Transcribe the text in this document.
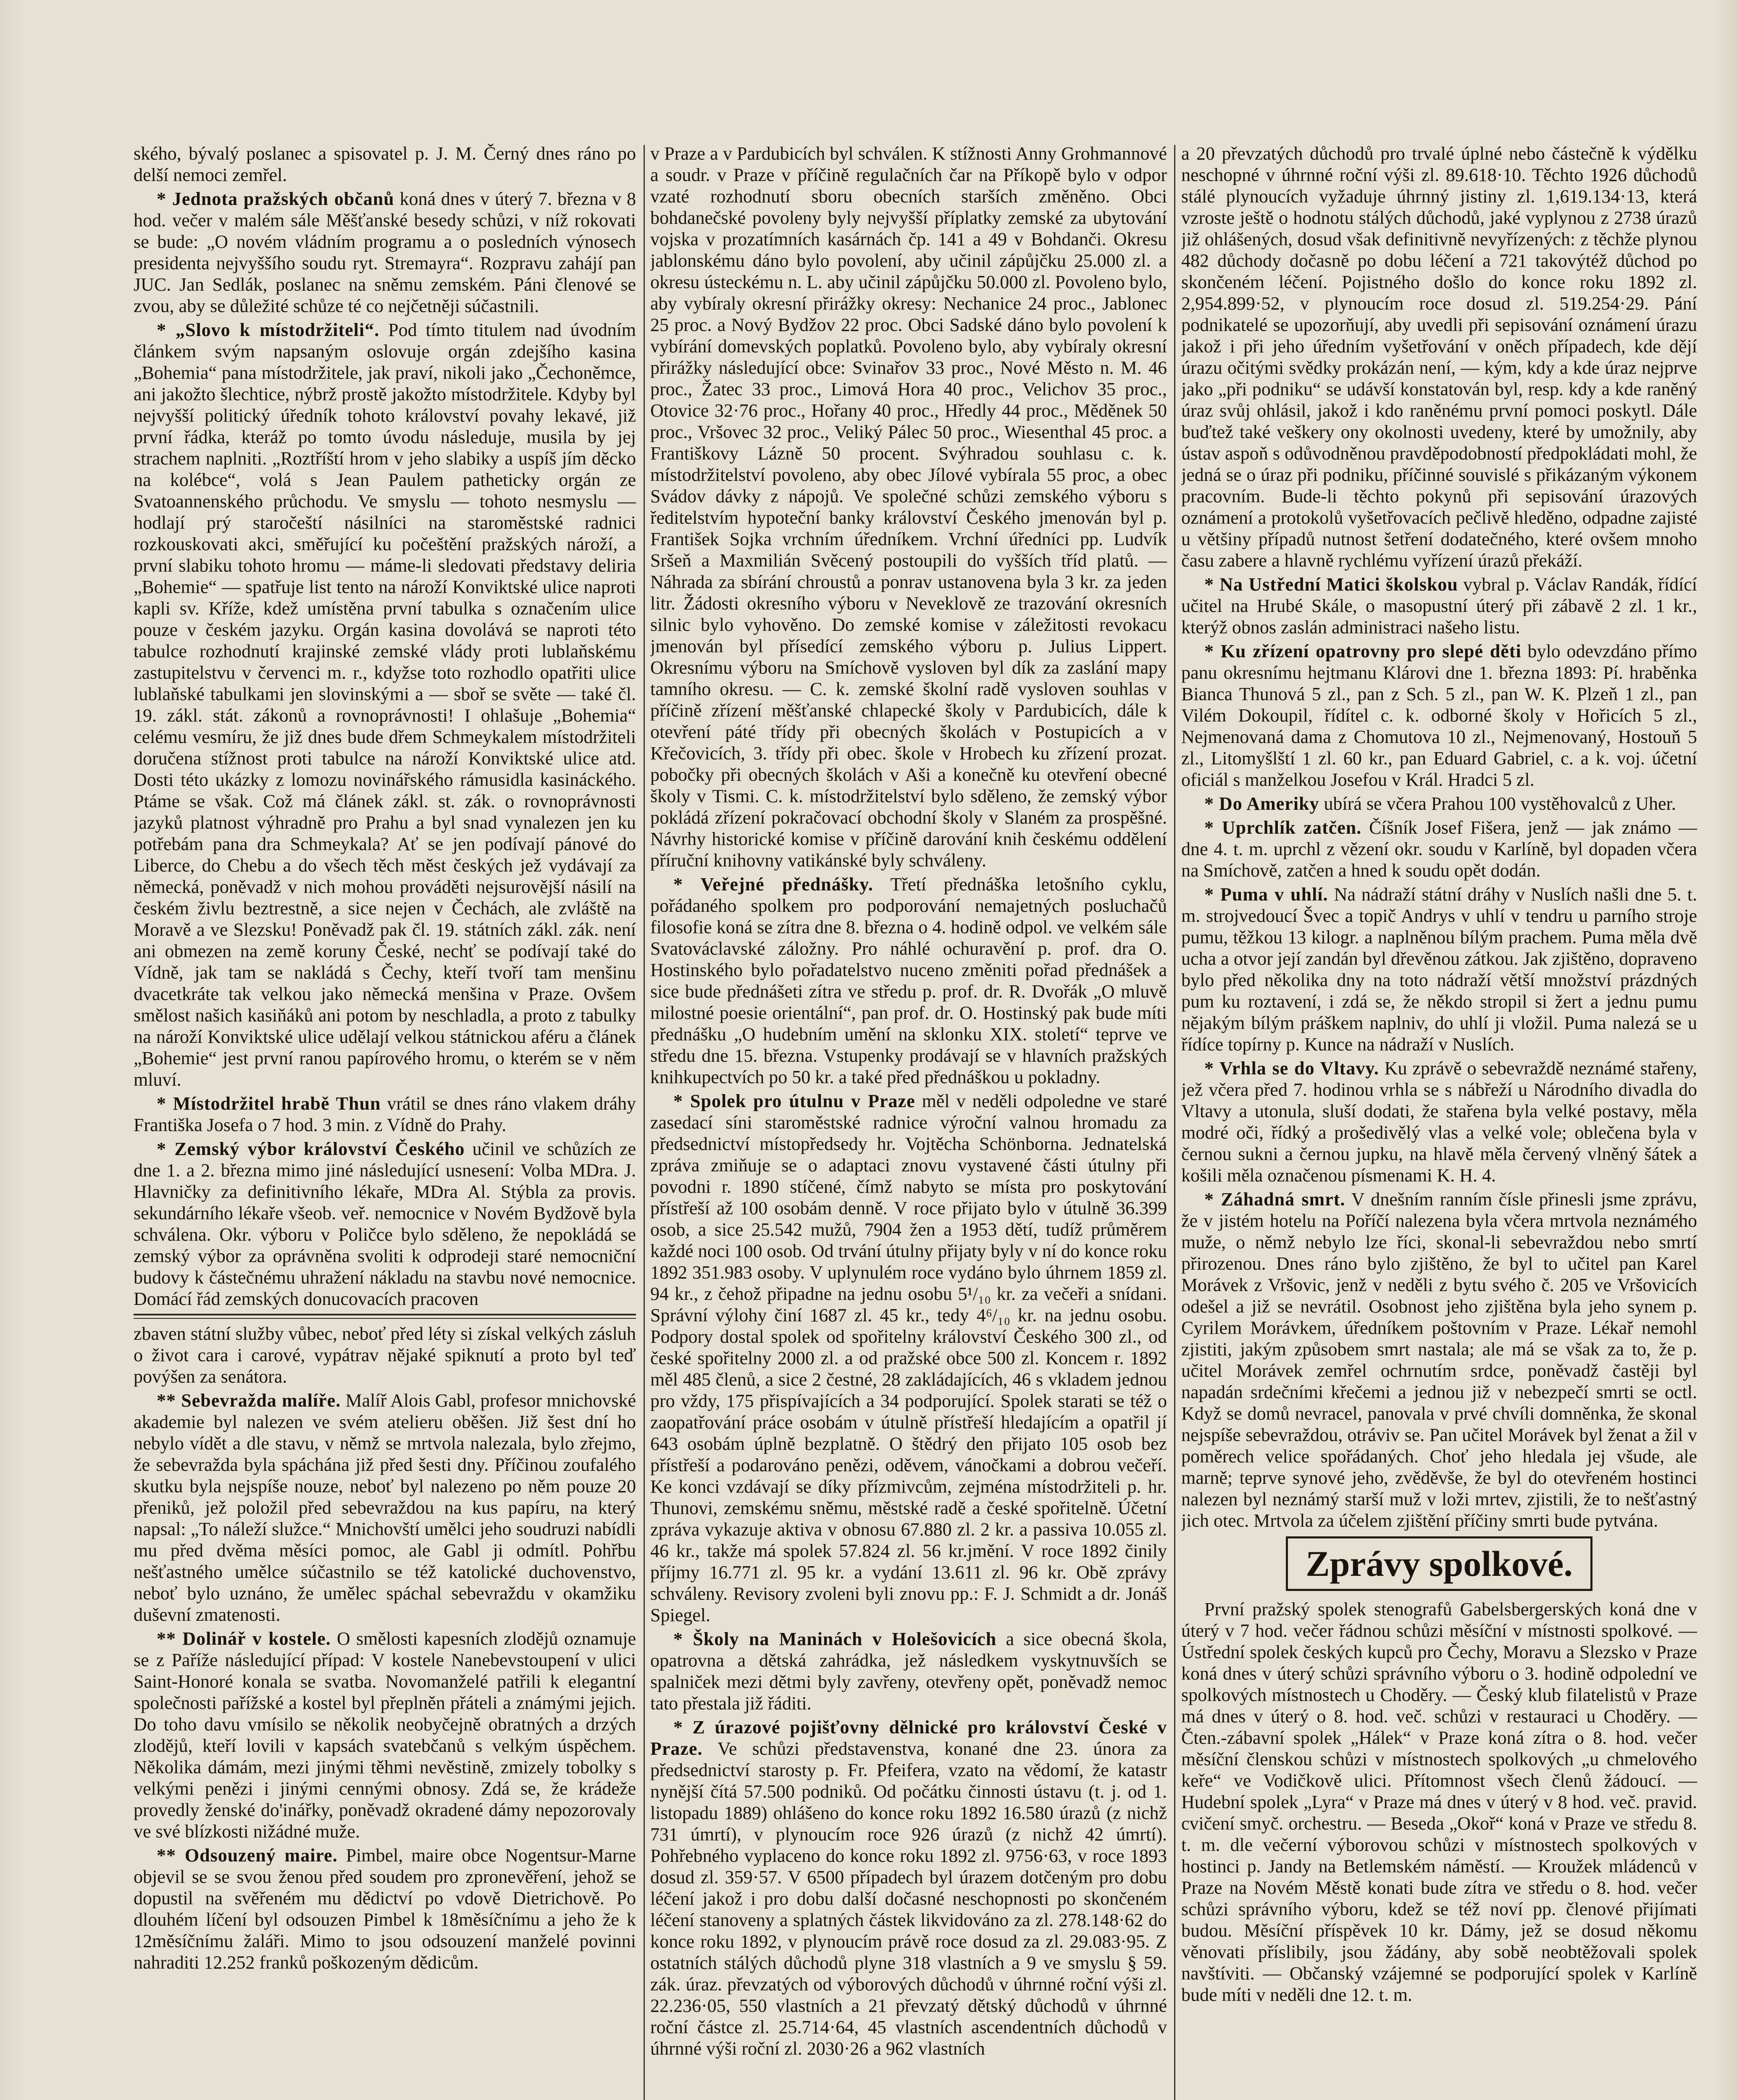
ského, bývalý poslanec a spisovatel p. J. M. Černý dnes ráno po delší nemoci zemřel.

* Jednota pražských občanů koná dnes v úterý 7. března v 8 hod. večer v malém sále Měšťanské besedy schůzi, v níž rokovati se bude: „O novém vládním programu a o posledních výnosech presidenta nejvyššího soudu ryt. Stremayra“. Rozpravu zahájí pan JUC. Jan Sedlák, poslanec na sněmu zemském. Páni členové se zvou, aby se důležité schůze té co nejčetněji súčastnili.

* „Slovo k místodržiteli“. Pod tímto titulem nad úvodním článkem svým napsaným oslovuje orgán zdejšího kasina „Bohemia“ pana místodržitele, jak praví, nikoli jako „Čechoněmce, ani jakožto šlechtice, nýbrž prostě jakožto místodržitele. Kdyby byl nejvyšší politický úředník tohoto království povahy lekavé, již první řádka, kteráž po tomto úvodu následuje, musila by jej strachem naplniti. „Roztříští hrom v jeho slabiky a uspíš jím děcko na kolébce“, volá s Jean Paulem patheticky orgán ze Svatoannenského průchodu. Ve smyslu — tohoto nesmyslu — hodlají prý staročeští násilníci na staroměstské radnici rozkouskovati akci, směřující ku počeštění pražských nároží, a první slabiku tohoto hromu — máme-li sledovati představy deliria „Bohemie“ — spatřuje list tento na nároží Konviktské ulice naproti kapli sv. Kříže, kdež umístěna první tabulka s označením ulice pouze v českém jazyku. Orgán kasina dovolává se naproti této tabulce rozhodnutí krajinské zemské vlády proti lublaňskému zastupitelstvu v červenci m. r., kdyžse toto rozhodlo opatřiti ulice lublaňské tabulkami jen slovinskými a — sboř se světe — také čl. 19. zákl. stát. zákonů a rovnoprávnosti! I ohlašuje „Bohemia“ celému vesmíru, že již dnes bude dřem Schmeykalem místodržiteli doručena stížnost proti tabulce na nároží Konviktské ulice atd. Dosti této ukázky z lomozu novinářského rámusidla kasináckého. Ptáme se však. Což má článek zákl. st. zák. o rovnoprávnosti jazyků platnost výhradně pro Prahu a byl snad vynalezen jen ku potřebám pana dra Schmeykala? Ať se jen podívají pánové do Liberce, do Chebu a do všech těch měst českých jež vydávají za německá, poněvadž v nich mohou prováděti nejsurovější násilí na českém živlu beztrestně, a sice nejen v Čechách, ale zvláště na Moravě a ve Slezsku! Poněvadž pak čl. 19. státních zákl. zák. není ani obmezen na země koruny České, nechť se podívají také do Vídně, jak tam se nakládá s Čechy, kteří tvoří tam menšinu dvacetkráte tak velkou jako německá menšina v Praze. Ovšem smělost našich kasiňáků ani potom by neschladla, a proto z tabulky na nároží Konviktské ulice udělají velkou státnickou aféru a článek „Bohemie“ jest první ranou papírového hromu, o kterém se v něm mluví.

* Místodržitel hrabě Thun vrátil se dnes ráno vlakem dráhy Františka Josefa o 7 hod. 3 min. z Vídně do Prahy.

* Zemský výbor království Českého učinil ve schůzích ze dne 1. a 2. března mimo jiné následující usnesení: Volba MDra. J. Hlavničky za definitivního lékaře, MDra Al. Stýbla za provis. sekundárního lékaře všeob. veř. nemocnice v Novém Bydžově byla schválena. Okr. výboru v Poličce bylo sděleno, že nepokládá se zemský výbor za oprávněna svoliti k odprodeji staré nemocniční budovy k částečnému uhražení nákladu na stavbu nové nemocnice. Domácí řád zemských donucovacích pracoven

zbaven státní služby vůbec, neboť před léty si získal velkých zásluh o život cara i carové, vypátrav nějaké spiknutí a proto byl teď povýšen za senátora.

** Sebevražda malíře. Malíř Alois Gabl, profesor mnichovské akademie byl nalezen ve svém atelieru oběšen. Již šest dní ho nebylo vídět a dle stavu, v němž se mrtvola nalezala, bylo zřejmo, že sebevražda byla spáchána již před šesti dny. Příčinou zoufalého skutku byla nejspíše nouze, neboť byl nalezeno po něm pouze 20 přeniků, jež položil před sebevraždou na kus papíru, na který napsal: „To náleží služce.“ Mnichovští umělci jeho soudruzi nabídli mu před dvěma měsíci pomoc, ale Gabl ji odmítl. Pohřbu nešťastného umělce súčastnilo se též katolické duchovenstvo, neboť bylo uznáno, že umělec spáchal sebevraždu v okamžiku duševní zmatenosti.

** Dolinář v kostele. O smělosti kapesních zlodějů oznamuje se z Paříže následující případ: V kostele Nanebevstoupení v ulici Saint-Honoré konala se svatba. Novomanželé patřili k elegantní společnosti pařížské a kostel byl přeplněn přáteli a známými jejich. Do toho davu vmísilo se několik neobyčejně obratných a drzých zlodějů, kteří lovili v kapsách svatebčanů s velkým úspěchem. Několika dámám, mezi jinými těhmi nevěstině, zmizely tobolky s velkými penězi i jinými cennými obnosy. Zdá se, že krádeže provedly ženské do'inářky, poněvadž okradené dámy nepozorovaly ve své blízkosti nižádné muže.

** Odsouzený maire. Pimbel, maire obce Nogentsur-Marne objevil se se svou ženou před soudem pro zpronevěření, jehož se dopustil na svěřeném mu dědictví po vdově Dietrichově. Po dlouhém líčení byl odsouzen Pimbel k 18měsíčnímu a jeho že k 12měsíčnímu žaláři. Mimo to jsou odsouzení manželé povinni nahraditi 12.252 franků poškozeným dědicům.

v Praze a v Pardubicích byl schválen. K stížnosti Anny Grohmannové a soudr. v Praze v příčině regulačních čar na Příkopě bylo v odpor vzaté rozhodnutí sboru obecních starších změněno. Obci bohdanečské povoleny byly nejvyšší příplatky zemské za ubytování vojska v prozatímních kasárnách čp. 141 a 49 v Bohdanči. Okresu jablonskému dáno bylo povolení, aby učinil zápůjčku 25.000 zl. a okresu ústeckému n. L. aby učinil zápůjčku 50.000 zl. Povoleno bylo, aby vybíraly okresní přirážky okresy: Nechanice 24 proc., Jablonec 25 proc. a Nový Bydžov 22 proc. Obci Sadské dáno bylo povolení k vybírání domevských poplatků. Povoleno bylo, aby vybíraly okresní přirážky následující obce: Svinařov 33 proc., Nové Město n. M. 46 proc., Žatec 33 proc., Limová Hora 40 proc., Velichov 35 proc., Otovice 32·76 proc., Hořany 40 proc., Hředly 44 proc., Měděnek 50 proc., Vršovec 32 proc., Veliký Pálec 50 proc., Wiesenthal 45 proc. a Františkovy Lázně 50 procent. Svýhradou souhlasu c. k. místodržitelství povoleno, aby obec Jílové vybírala 55 proc, a obec Svádov dávky z nápojů. Ve společné schůzi zemského výboru s ředitelstvím hypoteční banky království Českého jmenován byl p. František Sojka vrchním úředníkem. Vrchní úředníci pp. Ludvík Sršeň a Maxmilián Svěcený postoupili do vyšších tříd platů. — Náhrada za sbírání chroustů a ponrav ustanovena byla 3 kr. za jeden litr. Žádosti okresního výboru v Neveklově ze trazování okresních silnic bylo vyhověno. Do zemské komise v záležitosti revokacu jmenován byl přísedící zemského výboru p. Julius Lippert. Okresnímu výboru na Smíchově vysloven byl dík za zaslání mapy tamního okresu. — C. k. zemské školní radě vysloven souhlas v příčině zřízení měšťanské chlapecké školy v Pardubicích, dále k otevření páté třídy při obecných školách v Postupicích a v Křečovicích, 3. třídy při obec. škole v Hrobech ku zřízení prozat. pobočky při obecných školách v Aši a konečně ku otevření obecné školy v Tismi. C. k. místodržitelství bylo sděleno, že zemský výbor pokládá zřízení pokračovací obchodní školy v Slaném za prospěšné. Návrhy historické komise v příčině darování knih českému oddělení příruční knihovny vatikánské byly schváleny.

* Veřejné přednášky. Třetí přednáška letošního cyklu, pořádaného spolkem pro podporování nemajetných posluchačů filosofie koná se zítra dne 8. března o 4. hodině odpol. ve velkém sále Svatováclavské záložny. Pro náhlé ochuravění p. prof. dra O. Hostinského bylo pořadatelstvo nuceno změniti pořad přednášek a sice bude přednášeti zítra ve středu p. prof. dr. R. Dvořák „O mluvě milostné poesie orientální“, pan prof. dr. O. Hostinský pak bude míti přednášku „O hudebním umění na sklonku XIX. století“ teprve ve středu dne 15. března. Vstupenky prodávají se v hlavních pražských knihkupectvích po 50 kr. a také před přednáškou u pokladny.

* Spolek pro útulnu v Praze měl v neděli odpoledne ve staré zasedací síni staroměstské radnice výroční valnou hromadu za předsednictví místopředsedy hr. Vojtěcha Schönborna. Jednatelská zpráva zmiňuje se o adaptaci znovu vystavené části útulny při povodni r. 1890 stíčené, čímž nabyto se místa pro poskytování přístřeší až 100 osobám denně. V roce přijato bylo v útulně 36.399 osob, a sice 25.542 mužů, 7904 žen a 1953 dětí, tudíž průměrem každé noci 100 osob. Od trvání útulny přijaty byly v ní do konce roku 1892 351.983 osoby. V uplynulém roce vydáno bylo úhrnem 1859 zl. 94 kr., z čehož připadne na jednu osobu 5¹/₁₀ kr. za večeři a snídani. Správní výlohy činí 1687 zl. 45 kr., tedy 4⁶/₁₀ kr. na jednu osobu. Podpory dostal spolek od spořitelny království Českého 300 zl., od české spořitelny 2000 zl. a od pražské obce 500 zl. Koncem r. 1892 měl 485 členů, a sice 2 čestné, 28 zakládajících, 46 s vkladem jednou pro vždy, 175 přispívajících a 34 podporující. Spolek starati se též o zaopatřování práce osobám v útulně přístřeší hledajícím a opatřil jí 643 osobám úplně bezplatně. O štědrý den přijato 105 osob bez přístřeší a podarováno penězi, oděvem, vánočkami a dobrou večeří. Ke konci vzdávají se díky přízmivcům, zejména místodržiteli p. hr. Thunovi, zemskému sněmu, městské radě a české spořitelně. Účetní zpráva vykazuje aktiva v obnosu 67.880 zl. 2 kr. a passiva 10.055 zl. 46 kr., takže má spolek 57.824 zl. 56 kr.jmění. V roce 1892 činily příjmy 16.771 zl. 95 kr. a vydání 13.611 zl. 96 kr. Obě zprávy schváleny. Revisory zvoleni byli znovu pp.: F. J. Schmidt a dr. Jonáš Spiegel.

* Školy na Maninách v Holešovicích a sice obecná škola, opatrovna a dětská zahrádka, jež následkem vyskytnuvších se spalniček mezi dětmi byly zavřeny, otevřeny opět, poněvadž nemoc tato přestala již řáditi.

* Z úrazové pojišťovny dělnické pro království České v Praze. Ve schůzi představenstva, konané dne 23. února za předsednictví starosty p. Fr. Pfeifera, vzato na vědomí, že katastr nynější čítá 57.500 podniků. Od počátku činnosti ústavu (t. j. od 1. listopadu 1889) ohlášeno do konce roku 1892 16.580 úrazů (z nichž 731 úmrtí), v plynoucím roce 926 úrazů (z nichž 42 úmrtí). Pohřebného vyplaceno do konce roku 1892 zl. 9756·63, v roce 1893 dosud zl. 359·57. V 6500 případech byl úrazem dotčeným pro dobu léčení jakož i pro dobu další dočasné neschopnosti po skončeném léčení stanoveny a splatných částek likvidováno za zl. 278.148·62 do konce roku 1892, v plynoucím právě roce dosud za zl. 29.083·95. Z ostatních stálých důchodů plyne 318 vlastních a 9 ve smyslu § 59. zák. úraz. převzatých od výborových důchodů v úhrnné roční výši zl. 22.236·05, 550 vlastních a 21 převzatý dětský důchodů v úhrnné roční částce zl. 25.714·64, 45 vlastních ascendentních důchodů v úhrnné výši roční zl. 2030·26 a 962 vlastních

a 20 převzatých důchodů pro trvalé úplné nebo částečně k výdělku neschopné v úhrnné roční výši zl. 89.618·10. Těchto 1926 důchodů stálé plynoucích vyžaduje úhrnný jistiny zl. 1,619.134·13, která vzroste ještě o hodnotu stálých důchodů, jaké vyplynou z 2738 úrazů již ohlášených, dosud však definitivně nevyřízených: z těchže plynou 482 důchody dočasně po dobu léčení a 721 takovýtéž důchod po skončeném léčení. Pojistného došlo do konce roku 1892 zl. 2,954.899·52, v plynoucím roce dosud zl. 519.254·29. Pání podnikatelé se upozorňují, aby uvedli při sepisování oznámení úrazu jakož i při jeho úředním vyšetřování v oněch případech, kde dějí úrazu očitými svědky prokázán není, — kým, kdy a kde úraz nejprve jako „při podniku“ se udávší konstatován byl, resp. kdy a kde raněný úraz svůj ohlásil, jakož i kdo raněnému první pomoci poskytl. Dále buďtež také veškery ony okolnosti uvedeny, které by umožnily, aby ústav aspoň s odůvodněnou pravděpodobností předpokládati mohl, že jedná se o úraz při podniku, příčinné souvislé s přikázaným výkonem pracovním. Bude-li těchto pokynů při sepisování úrazových oznámení a protokolů vyšetřovacích pečlivě hleděno, odpadne zajisté u většiny případů nutnost šetření dodatečného, které ovšem mnoho času zabere a hlavně rychlému vyřízení úrazů překáží.

* Na Ustřední Matici školskou vybral p. Václav Randák, řídící učitel na Hrubé Skále, o masopustní úterý při zábavě 2 zl. 1 kr., kterýž obnos zaslán administraci našeho listu.

* Ku zřízení opatrovny pro slepé děti bylo odevzdáno přímo panu okresnímu hejtmanu Klárovi dne 1. března 1893: Pí. hraběnka Bianca Thunová 5 zl., pan z Sch. 5 zl., pan W. K. Plzeň 1 zl., pan Vilém Dokoupil, řídítel c. k. odborné školy v Hořicích 5 zl., Nejmenovaná dama z Chomutova 10 zl., Nejmenovaný, Hostouň 5 zl., Litomyšlští 1 zl. 60 kr., pan Eduard Gabriel, c. a k. voj. účetní oficiál s manželkou Josefou v Král. Hradci 5 zl.

* Do Ameriky ubírá se včera Prahou 100 vystěhovalců z Uher.

* Uprchlík zatčen. Číšník Josef Fišera, jenž — jak známo — dne 4. t. m. uprchl z vězení okr. soudu v Karlíně, byl dopaden včera na Smíchově, zatčen a hned k soudu opět dodán.

* Puma v uhlí. Na nádraží státní dráhy v Nuslích našli dne 5. t. m. strojvedoucí Švec a topič Andrys v uhlí v tendru u parního stroje pumu, těžkou 13 kilogr. a naplněnou bílým prachem. Puma měla dvě ucha a otvor její zandán byl dřevěnou zátkou. Jak zjištěno, dopraveno bylo před několika dny na toto nádraží větší množství prázdných pum ku roztavení, i zdá se, že někdo stropil si žert a jednu pumu nějakým bílým práškem naplniv, do uhlí ji vložil. Puma nalezá se u řídíce topírny p. Kunce na nádraží v Nuslích.

* Vrhla se do Vltavy. Ku zprávě o sebevraždě neznámé stařeny, jež včera před 7. hodinou vrhla se s nábřeží u Národního divadla do Vltavy a utonula, sluší dodati, že stařena byla velké postavy, měla modré oči, řídký a prošedivělý vlas a velké vole; oblečena byla v černou sukni a černou jupku, na hlavě měla červený vlněný šátek a košili měla označenou písmenami K. H. 4.

* Záhadná smrt. V dnešním ranním čísle přinesli jsme zprávu, že v jistém hotelu na Poříčí nalezena byla včera mrtvola neznámého muže, o němž nebylo lze říci, skonal-li sebevraždou nebo smrtí přirozenou. Dnes ráno bylo zjištěno, že byl to učitel pan Karel Morávek z Vršovic, jenž v neděli z bytu svého č. 205 ve Vršovicích odešel a již se nevrátil. Osobnost jeho zjištěna byla jeho synem p. Cyrilem Morávkem, úředníkem poštovním v Praze. Lékař nemohl zjistiti, jakým způsobem smrt nastala; ale má se však za to, že p. učitel Morávek zemřel ochrnutím srdce, poněvadž častěji byl napadán srdečními křečemi a jednou již v nebezpečí smrti se octl. Když se domů nevracel, panovala v prvé chvíli domněnka, že skonal nejspíše sebevraždou, otráviv se. Pan učitel Morávek byl ženat a žil v poměrech velice spořádaných. Choť jeho hledala jej všude, ale marně; teprve synové jeho, zvěděvše, že byl do otevřeném hostinci nalezen byl neznámý starší muž v loži mrtev, zjistili, že to nešťastný jich otec. Mrtvola za účelem zjištění příčiny smrti bude pytvána.

Zprávy spolkové.

První pražský spolek stenografů Gabelsbergerských koná dne v úterý v 7 hod. večer řádnou schůzi měsíční v místnosti spolkové. — Ústřední spolek českých kupců pro Čechy, Moravu a Slezsko v Praze koná dnes v úterý schůzi správního výboru o 3. hodině odpolední ve spolkových místnostech u Choděry. — Český klub filatelistů v Praze má dnes v úterý o 8. hod. več. schůzi v restauraci u Choděry. — Čten.-zábavní spolek „Hálek“ v Praze koná zítra o 8. hod. večer měsíční členskou schůzi v místnostech spolkových „u chmelového keře“ ve Vodičkově ulici. Přítomnost všech členů žádoucí. — Hudební spolek „Lyra“ v Praze má dnes v úterý v 8 hod. več. pravid. cvičení smyč. orchestru. — Beseda „Okoř“ koná v Praze ve středu 8. t. m. dle večerní výborovou schůzi v místnostech spolkových v hostinci p. Jandy na Betlemském náměstí. — Kroužek mládenců v Praze na Novém Městě konati bude zítra ve středu o 8. hod. večer schůzi správního výboru, kdež se též noví pp. členové přijímati budou. Měsíční příspěvek 10 kr. Dámy, jež se dosud někomu věnovati příslibily, jsou žádány, aby sobě neobtěžovali spolek navštíviti. — Občanský vzájemné se podporující spolek v Karlíně bude míti v neděli dne 12. t. m.
